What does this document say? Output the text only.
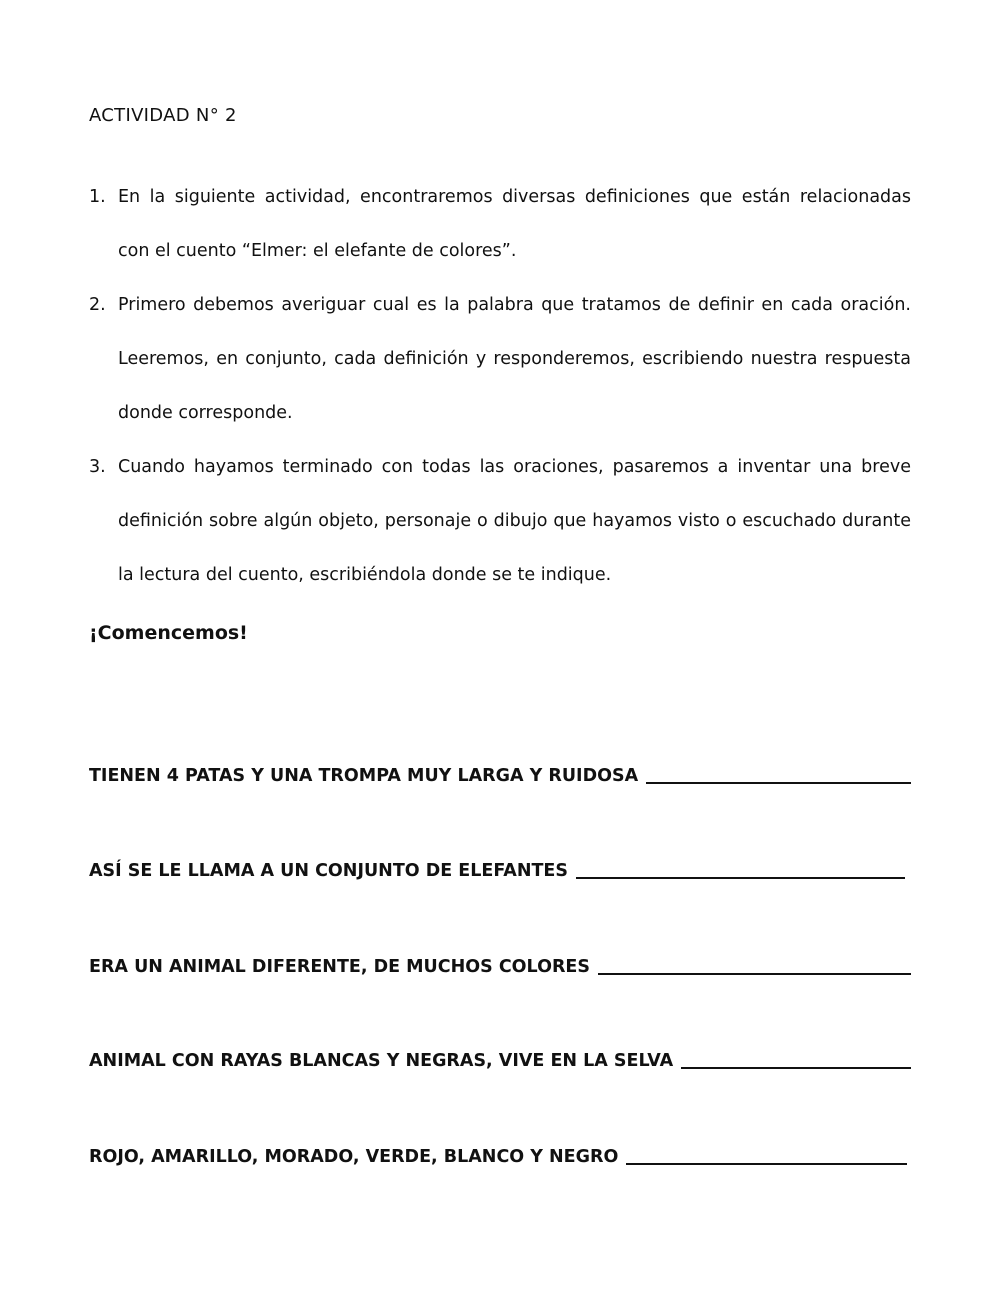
ACTIVIDAD N° 2
1. En la siguiente actividad, encontraremos diversas definiciones que están relacionadas con el cuento “Elmer: el elefante de colores”.
2. Primero debemos averiguar cual es la palabra que tratamos de definir en cada oración. Leeremos, en conjunto, cada definición y responderemos, escribiendo nuestra respuesta donde corresponde.
3. Cuando hayamos terminado con todas las oraciones, pasaremos a inventar una breve definición sobre algún objeto, personaje o dibujo que hayamos visto o escuchado durante la lectura del cuento, escribiéndola donde se te indique.
¡Comencemos!
TIENEN 4 PATAS Y UNA TROMPA MUY LARGA Y RUIDOSA
ASÍ SE LE LLAMA A UN CONJUNTO DE ELEFANTES
ERA UN ANIMAL DIFERENTE, DE MUCHOS COLORES
ANIMAL CON RAYAS BLANCAS Y NEGRAS, VIVE EN LA SELVA
ROJO, AMARILLO, MORADO, VERDE, BLANCO Y NEGRO
